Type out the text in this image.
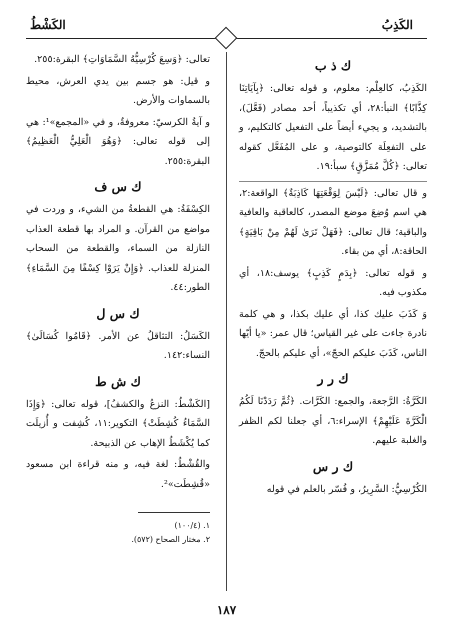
الكَذِبُ
الكَشْطُ
ك ذ ب

الكَذِبُ، كالعِلْم: معلوم، و قوله تعالى: ﴿بِآيَاتِنَا كِذَّابًا﴾ النبأ:٢٨، أي تكذيباً، أحد مصادر (فَعَّلَ)، بالتشديد، و يجيء أيضاً على التفعيل كالتكليم، و على التفعِلَة كالتوصية، و على المُفَعَّل كقوله تعالى: ﴿كُلَّ مُمَزَّقٍ﴾ سبأ:١٩.

و قال تعالى: ﴿لَيْسَ لِوَقْعَتِهَا كَاذِبَةٌ﴾ الواقعة:٢، هي اسم وُضِعَ موضع المصدر، كالعاقبة والعافية والباقية؛ قال تعالى: ﴿فَهَلْ تَرَىٰ لَهُمْ مِنْ بَاقِيَةٍ﴾ الحاقة:٨، أي من بقاء.

و قوله تعالى: ﴿بِدَمٍ كَذِبٍ﴾ يوسف:١٨، أي مكذوب فيه.

وَ كَذَبَ عليك كذا، أي عليك بكذا، و هي كلمة نادرة جاءت على غير القياس؛ قال عمر: «يا أيّها الناس، كَذَبَ عليكم الحجّ»، أي عليكم بالحجّ.

ك ر ر

الكَرَّةُ: الرَّجعة، والجمع: الكَرَّات. ﴿ثُمَّ رَدَدْنَا لَكُمُ الْكَرَّةَ عَلَيْهِمْ﴾ الإسراء:٦، أي جعلنا لكم الظفر والغلبة عليهم.

ك ر س

الكُرْسِيُّ: السَّرِيرُ، و فُسّر بالعلم في قوله

تعالى: ﴿وَسِعَ كُرْسِيُّهُ السَّمَاوَاتِ﴾ البقرة:٢٥٥.

و قيل: هو جسم بين يدي العرش، محيط بالسماوات والأرض.

و آيةُ الكرسيّ: معروفةٌ، و في «المجمع»¹: هي إلى قوله تعالى: ﴿وَهُوَ الْعَلِيُّ الْعَظِيمُ﴾ البقرة:٢٥٥.

ك س ف

الكِسْفَةُ: هي القطعةُ من الشيء، و وردت في مواضع من القرآن. و المراد بها قطعة العذاب النازلة من السماء، والقطعة من السحاب المنزلة للعذاب. ﴿وَإِنْ يَرَوْا كِسْفًا مِنَ السَّمَاءِ﴾ الطور:٤٤.

ك س ل

الكَسَلُ: التثاقلُ عن الأمر. ﴿قَامُوا كُسَالَىٰ﴾ النساء:١٤٢.

ك ش ط

[الكَشْطُ: النزعُ والكشفُ]، قوله تعالى: ﴿وَإِذَا السَّمَاءُ كُشِطَتْ﴾ التكوير:١١، كُشِفت و أُزيلَت كما يُكْشَطُ الإهاب عن الذبيحة.

والقُشْطُ: لغة فيه، و منه قراءة ابن مسعود «قُشِطَت»².

١. (١٠٠/٤)
٢. مختار الصحاح (٥٧٢).
١٨٧
